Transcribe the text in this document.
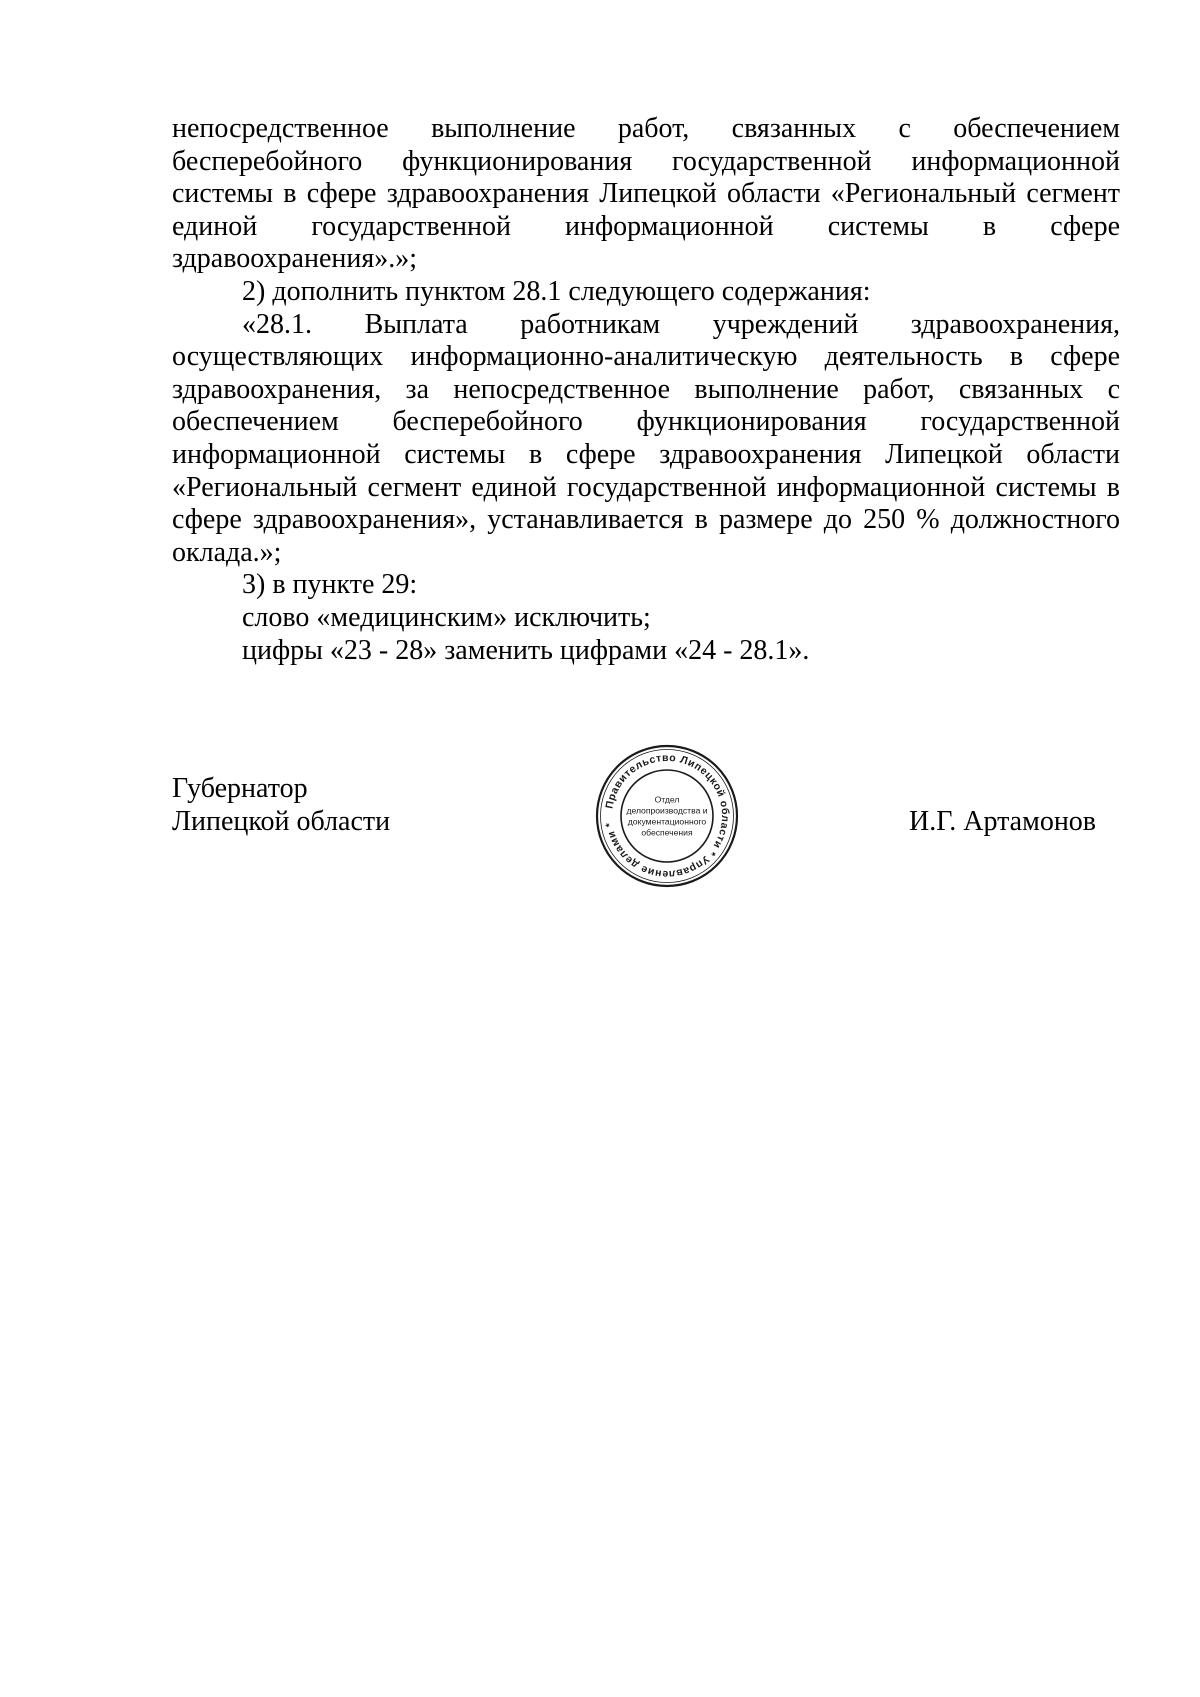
непосредственное выполнение работ, связанных с обеспечением бесперебойного функционирования государственной информационной системы в сфере здравоохранения Липецкой области «Региональный сегмент единой государственной информационной системы в сфере здравоохранения».»;

2) дополнить пунктом 28.1 следующего содержания:

«28.1. Выплата работникам учреждений здравоохранения, осуществляющих информационно-аналитическую деятельность в сфере здравоохранения, за непосредственное выполнение работ, связанных с обеспечением бесперебойного функционирования государственной информационной системы в сфере здравоохранения Липецкой области «Региональный сегмент единой государственной информационной системы в сфере здравоохранения», устанавливается в размере до 250 % должностного оклада.»;

3) в пункте 29:

слово «медицинским» исключить;

цифры «23 - 28» заменить цифрами «24 - 28.1».

Губернатор
Липецкой области
Правительство Липецкой области * Управление делами *
Отдел
делопроизводства и
документационного
обеспечения	И.Г. Артамонов
